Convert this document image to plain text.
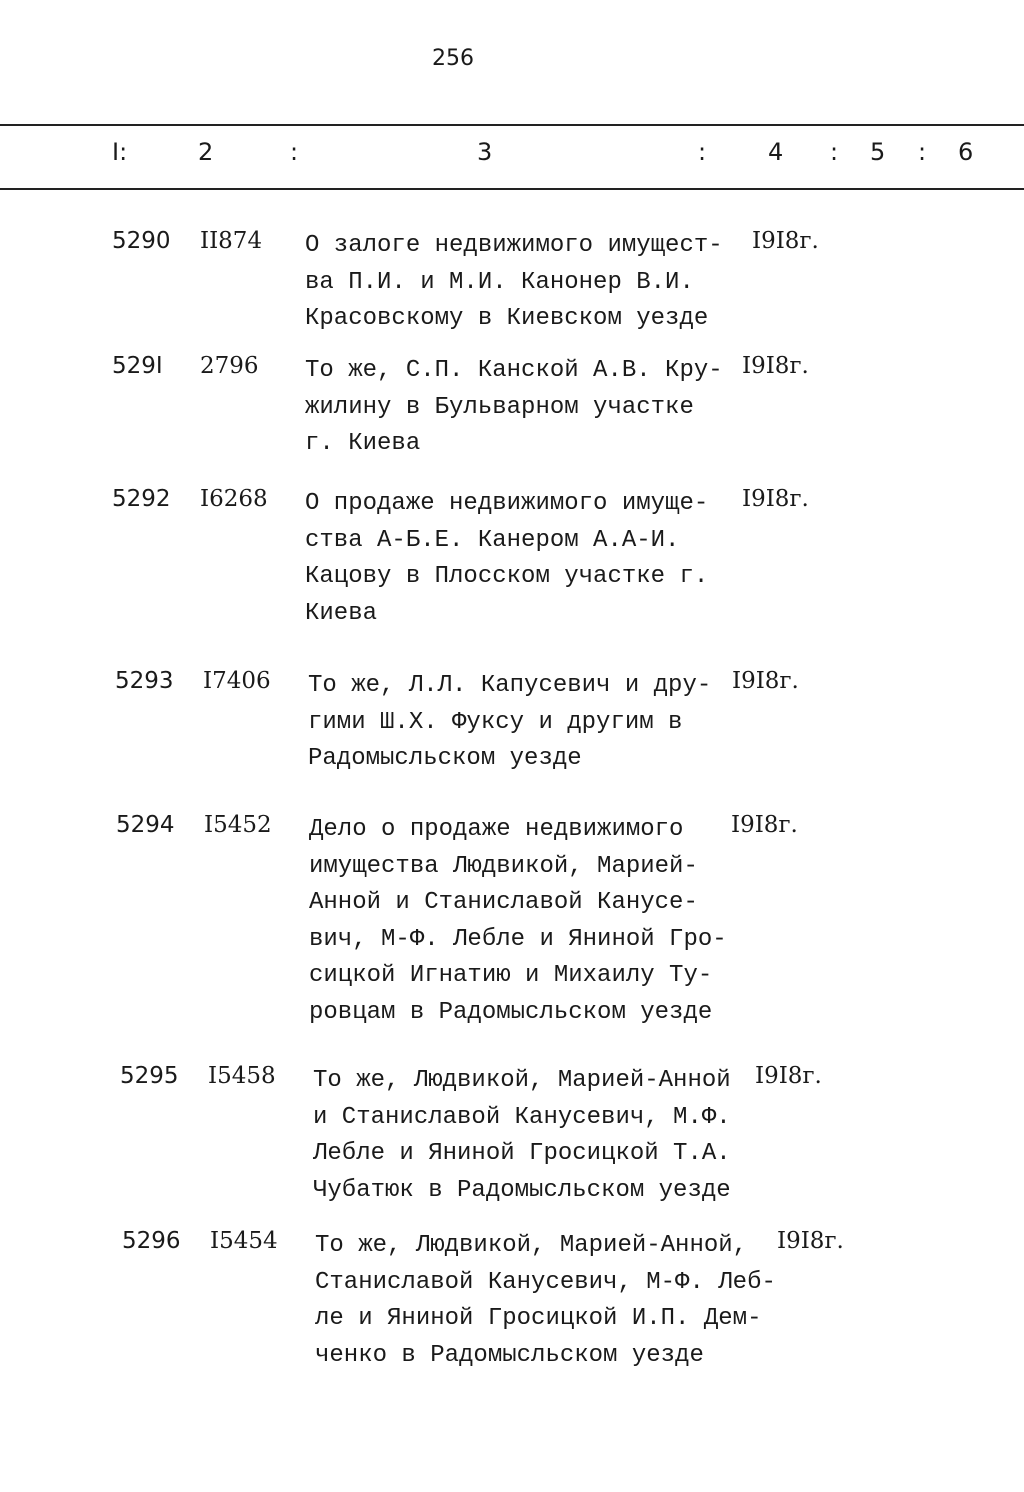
256
I:	2	:	3	:	4 : 5 : 6
5290 II874 О залоге недвижимого имущест-
ва П.И. и М.И. Канонер В.И.
Красовскому в Киевском уезде
I9I8г.
529I 2796 То же, С.П. Канской А.В. Кру-
жилину в Бульварном участке
г. Киева
I9I8г.
5292 I6268 О продаже недвижимого имуще-
ства А-Б.Е. Канером А.А-И.
Кацову в Плосском участке г.
Киева
I9I8г.
5293 I7406 То же, Л.Л. Капусевич и дру-
гими Ш.Х. Фуксу и другим в
Радомысльском уезде
I9I8г.
5294 I5452 Дело о продаже недвижимого
имущества Людвикой, Марией-
Анной и Станиславой Канусе-
вич, М-Ф. Лебле и Яниной Гро-
сицкой Игнатию и Михаилу Ту-
ровцам в Радомысльском уезде
I9I8г.
5295 I5458 То же, Людвикой, Марией-Анной
и Станиславой Канусевич, М.Ф.
Лебле и Яниной Гросицкой Т.А.
Чубатюк в Радомысльском уезде
I9I8г.
5296 I5454 То же, Людвикой, Марией-Анной,
Станиславой Канусевич, М-Ф. Леб-
ле и Яниной Гросицкой И.П. Дем-
ченко в Радомысльском уезде
I9I8г.
